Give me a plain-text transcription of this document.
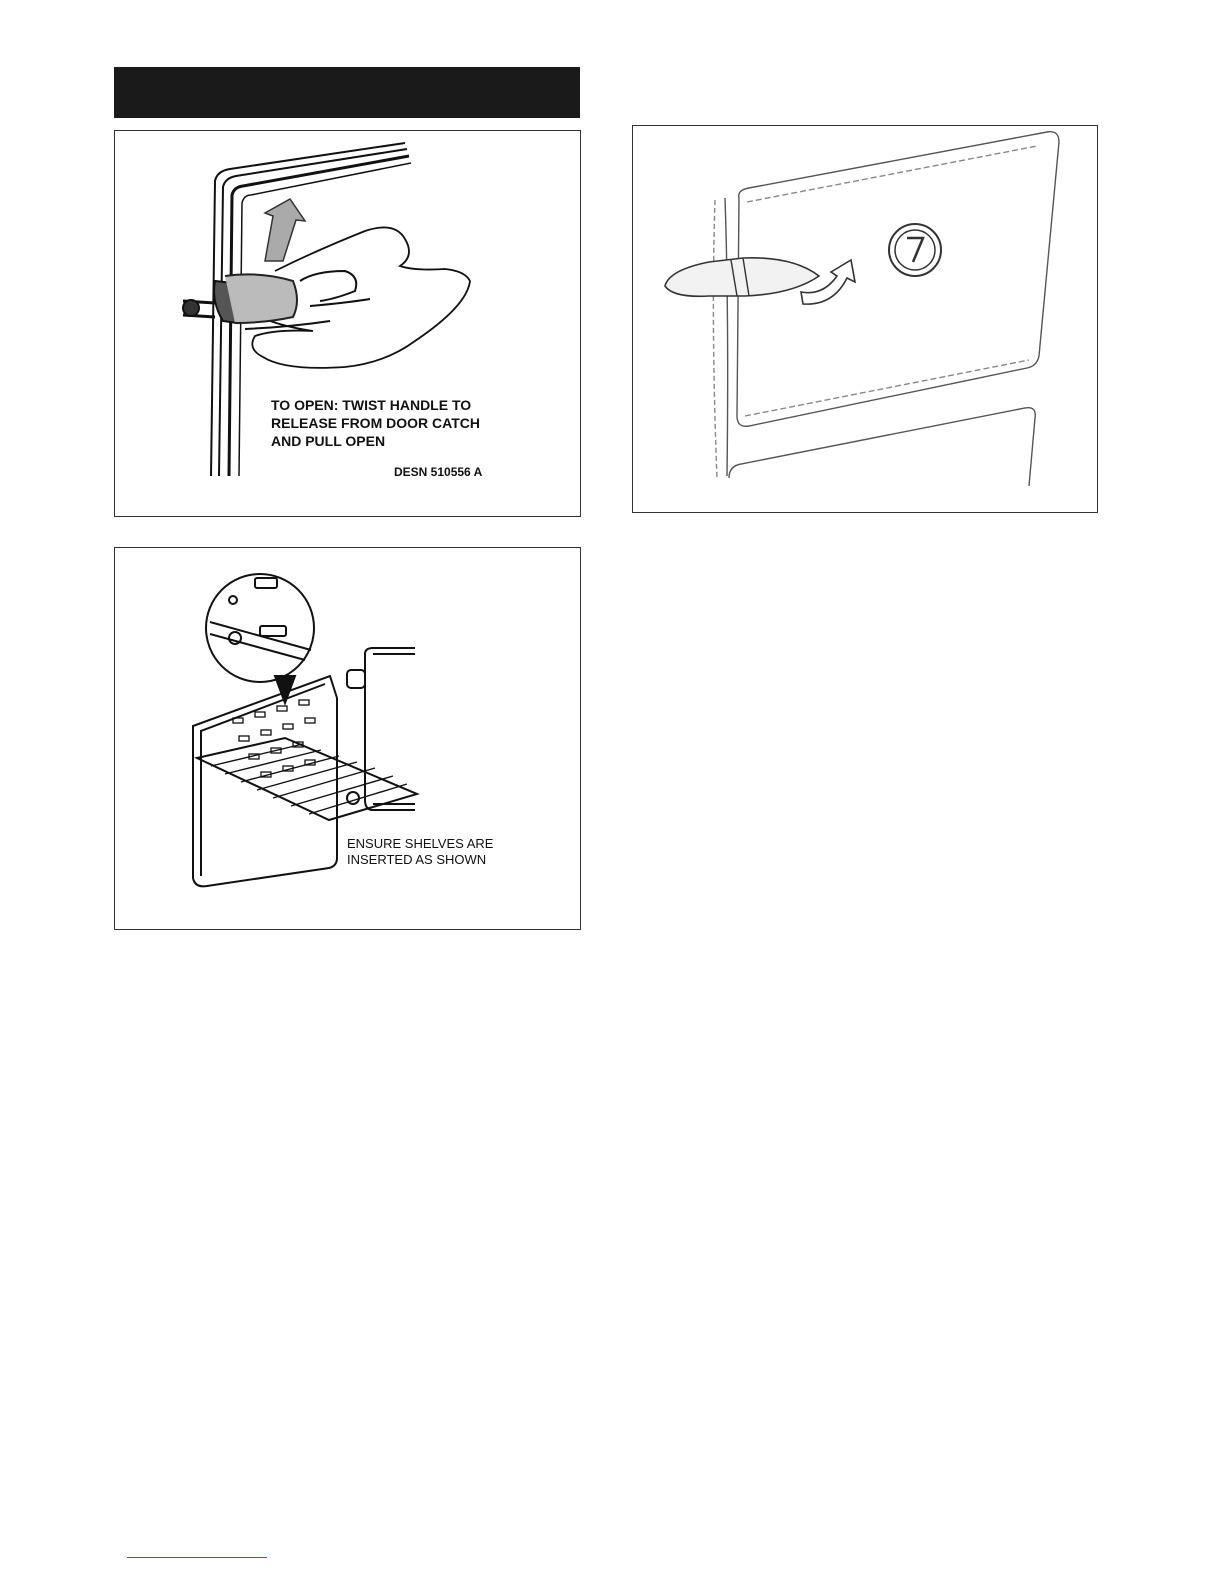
TO OPEN: TWIST HANDLE TO
RELEASE FROM DOOR CATCH
AND PULL OPEN
DESN 510556 A
ENSURE SHELVES ARE
INSERTED AS SHOWN
